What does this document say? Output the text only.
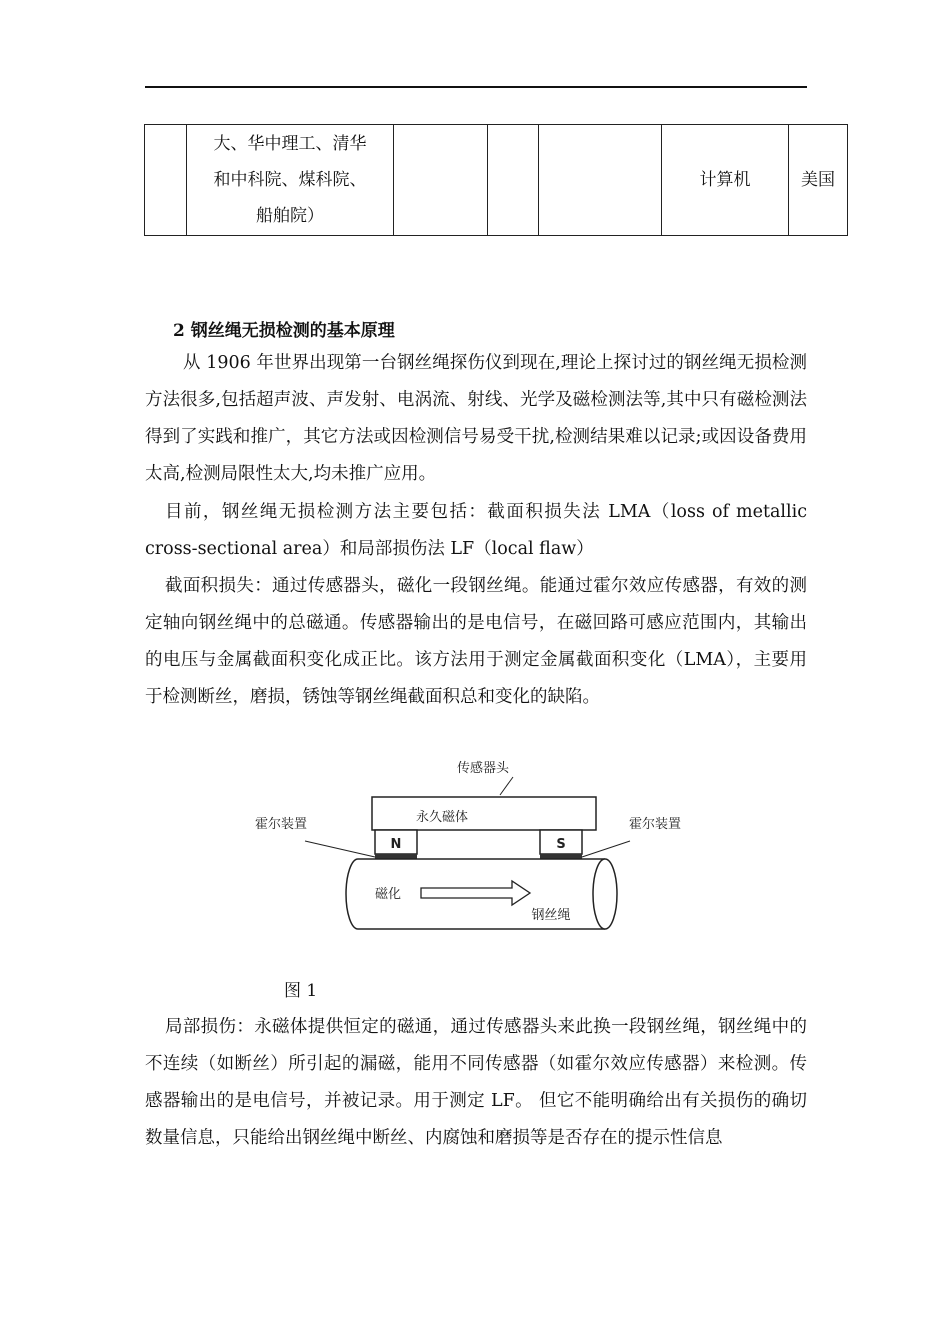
	大、华中理工、清华
和中科院、煤科院、
船舶院）				计算机	美国
2 钢丝绳无损检测的基本原理

从 1906 年世界出现第一台钢丝绳探伤仪到现在,理论上探讨过的钢丝绳无损检测方法很多,包括超声波、声发射、电涡流、射线、光学及磁检测法等,其中只有磁检测法得到了实践和推广，其它方法或因检测信号易受干扰,检测结果难以记录;或因设备费用太高,检测局限性太大,均未推广应用。

目前，钢丝绳无损检测方法主要包括：截面积损失法 LMA（loss of metallic cross-sectional area）和局部损伤法 LF（local flaw）

截面积损失：通过传感器头，磁化一段钢丝绳。能通过霍尔效应传感器，有效的测定轴向钢丝绳中的总磁通。传感器输出的是电信号，在磁回路可感应范围内，其输出的电压与金属截面积变化成正比。该方法用于测定金属截面积变化（LMA），主要用于检测断丝，磨损，锈蚀等钢丝绳截面积总和变化的缺陷。

传感器头
永久磁体
N	S
霍尔装置	霍尔装置
磁化
钢丝绳
图 1

局部损伤：永磁体提供恒定的磁通，通过传感器头来此换一段钢丝绳，钢丝绳中的不连续（如断丝）所引起的漏磁，能用不同传感器（如霍尔效应传感器）来检测。传感器输出的是电信号，并被记录。用于测定 LF。 但它不能明确给出有关损伤的确切数量信息，只能给出钢丝绳中断丝、内腐蚀和磨损等是否存在的提示性信息
